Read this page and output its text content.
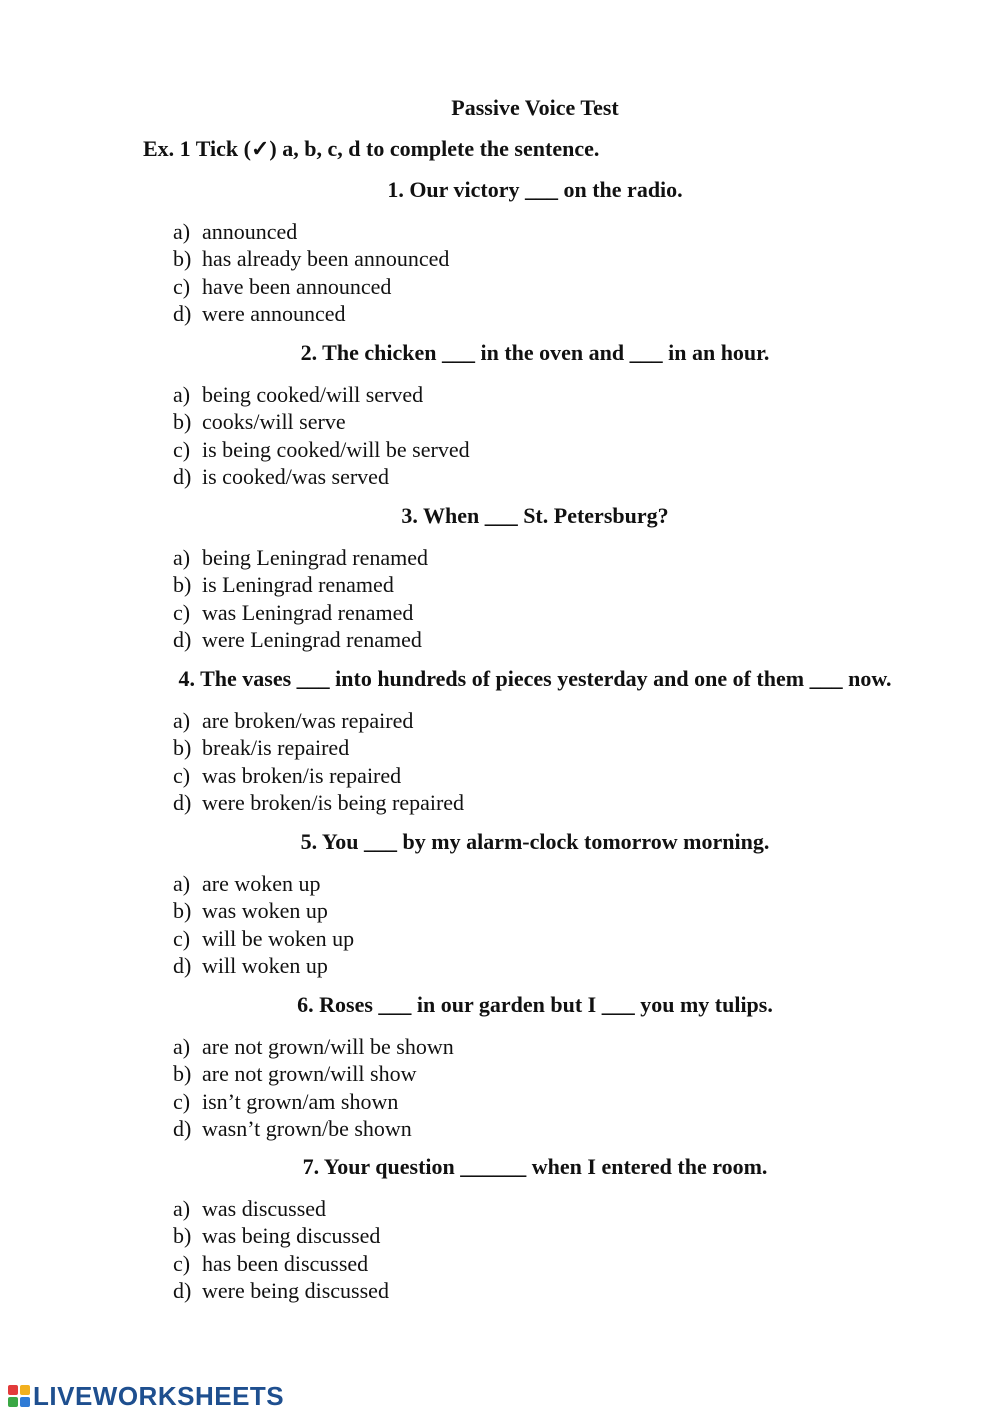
Passive Voice Test
Ex. 1 Tick (✓) a, b, c, d to complete the sentence.
1. Our victory ___ on the radio.
a) announced
b) has already been announced
c) have been announced
d) were announced
2. The chicken ___ in the oven and ___ in an hour.
a) being cooked/will served
b) cooks/will serve
c) is being cooked/will be served
d) is cooked/was served
3. When ___ St. Petersburg?
a) being Leningrad renamed
b) is Leningrad renamed
c) was Leningrad renamed
d) were Leningrad renamed
4. The vases ___ into hundreds of pieces yesterday and one of them ___ now.
a) are broken/was repaired
b) break/is repaired
c) was broken/is repaired
d) were broken/is being repaired
5. You ___ by my alarm-clock tomorrow morning.
a) are woken up
b) was woken up
c) will be woken up
d) will woken up
6. Roses ___ in our garden but I ___ you my tulips.
a) are not grown/will be shown
b) are not grown/will show
c) isn’t grown/am shown
d) wasn’t grown/be shown
7. Your question ______ when I entered the room.
a) was discussed
b) was being discussed
c) has been discussed
d) were being discussed
LIVEWORKSHEETS
